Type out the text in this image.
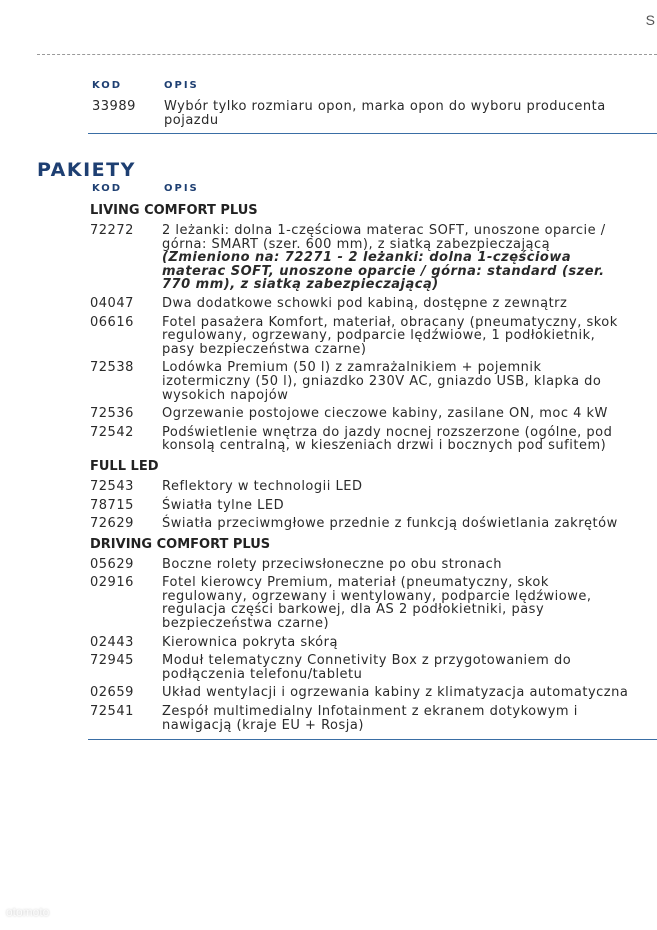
S
KOD	OPIS
33989 Wybór tylko rozmiaru opon, marka opon do wyboru producenta
pojazdu
PAKIETY
KOD	OPIS
LIVING COMFORT PLUS
72272 2 leżanki: dolna 1-częściowa materac SOFT, unoszone oparcie /
górna: SMART (szer. 600 mm), z siatką zabezpieczającą
(Zmieniono na: 72271 - 2 leżanki: dolna 1-częściowa
materac SOFT, unoszone oparcie / górna: standard (szer.
770 mm), z siatką zabezpieczającą)
04047 Dwa dodatkowe schowki pod kabiną, dostępne z zewnątrz
06616 Fotel pasażera Komfort, materiał, obracany (pneumatyczny, skok
regulowany, ogrzewany, podparcie lędźwiowe, 1 podłokietnik,
pasy bezpieczeństwa czarne)
72538 Lodówka Premium (50 l) z zamrażalnikiem + pojemnik
izotermiczny (50 l), gniazdko 230V AC, gniazdo USB, klapka do
wysokich napojów
72536 Ogrzewanie postojowe cieczowe kabiny, zasilane ON, moc 4 kW
72542 Podświetlenie wnętrza do jazdy nocnej rozszerzone (ogólne, pod
konsolą centralną, w kieszeniach drzwi i bocznych pod sufitem)
FULL LED
72543 Reflektory w technologii LED
78715 Światła tylne LED
72629 Światła przeciwmgłowe przednie z funkcją doświetlania zakrętów
DRIVING COMFORT PLUS
05629 Boczne rolety przeciwsłoneczne po obu stronach
02916 Fotel kierowcy Premium, materiał (pneumatyczny, skok
regulowany, ogrzewany i wentylowany, podparcie lędźwiowe,
regulacja części barkowej, dla AS 2 podłokietniki, pasy
bezpieczeństwa czarne)
02443 Kierownica pokryta skórą
72945 Moduł telematyczny Connetivity Box z przygotowaniem do
podłączenia telefonu/tabletu
02659 Układ wentylacji i ogrzewania kabiny z klimatyzacja automatyczna
72541 Zespół multimedialny Infotainment z ekranem dotykowym i
nawigacją (kraje EU + Rosja)
otomoto
